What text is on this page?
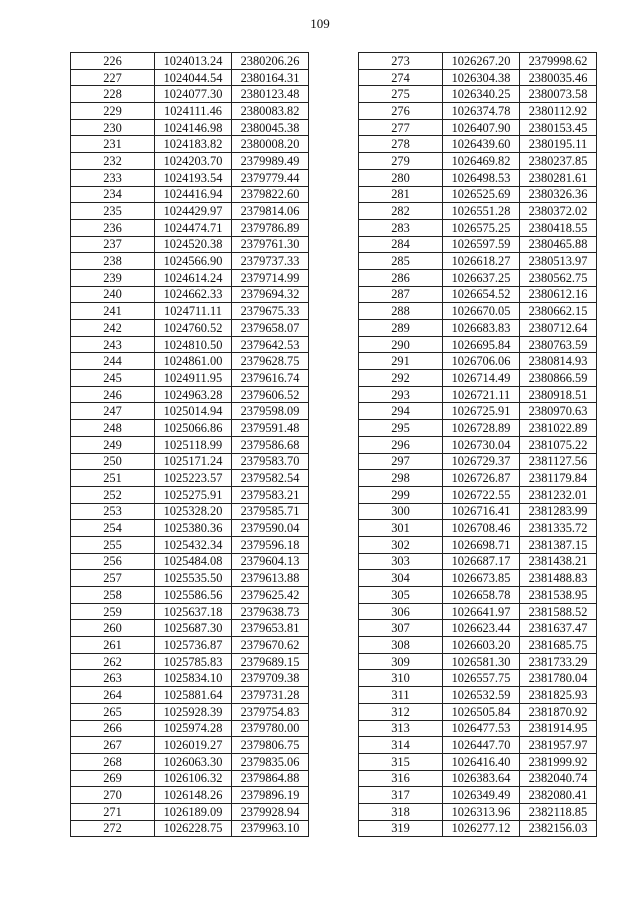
109
226	1024013.24	2380206.26
227	1024044.54	2380164.31
228	1024077.30	2380123.48
229	1024111.46	2380083.82
230	1024146.98	2380045.38
231	1024183.82	2380008.20
232	1024203.70	2379989.49
233	1024193.54	2379779.44
234	1024416.94	2379822.60
235	1024429.97	2379814.06
236	1024474.71	2379786.89
237	1024520.38	2379761.30
238	1024566.90	2379737.33
239	1024614.24	2379714.99
240	1024662.33	2379694.32
241	1024711.11	2379675.33
242	1024760.52	2379658.07
243	1024810.50	2379642.53
244	1024861.00	2379628.75
245	1024911.95	2379616.74
246	1024963.28	2379606.52
247	1025014.94	2379598.09
248	1025066.86	2379591.48
249	1025118.99	2379586.68
250	1025171.24	2379583.70
251	1025223.57	2379582.54
252	1025275.91	2379583.21
253	1025328.20	2379585.71
254	1025380.36	2379590.04
255	1025432.34	2379596.18
256	1025484.08	2379604.13
257	1025535.50	2379613.88
258	1025586.56	2379625.42
259	1025637.18	2379638.73
260	1025687.30	2379653.81
261	1025736.87	2379670.62
262	1025785.83	2379689.15
263	1025834.10	2379709.38
264	1025881.64	2379731.28
265	1025928.39	2379754.83
266	1025974.28	2379780.00
267	1026019.27	2379806.75
268	1026063.30	2379835.06
269	1026106.32	2379864.88
270	1026148.26	2379896.19
271	1026189.09	2379928.94
272	1026228.75	2379963.10
273	1026267.20	2379998.62
274	1026304.38	2380035.46
275	1026340.25	2380073.58
276	1026374.78	2380112.92
277	1026407.90	2380153.45
278	1026439.60	2380195.11
279	1026469.82	2380237.85
280	1026498.53	2380281.61
281	1026525.69	2380326.36
282	1026551.28	2380372.02
283	1026575.25	2380418.55
284	1026597.59	2380465.88
285	1026618.27	2380513.97
286	1026637.25	2380562.75
287	1026654.52	2380612.16
288	1026670.05	2380662.15
289	1026683.83	2380712.64
290	1026695.84	2380763.59
291	1026706.06	2380814.93
292	1026714.49	2380866.59
293	1026721.11	2380918.51
294	1026725.91	2380970.63
295	1026728.89	2381022.89
296	1026730.04	2381075.22
297	1026729.37	2381127.56
298	1026726.87	2381179.84
299	1026722.55	2381232.01
300	1026716.41	2381283.99
301	1026708.46	2381335.72
302	1026698.71	2381387.15
303	1026687.17	2381438.21
304	1026673.85	2381488.83
305	1026658.78	2381538.95
306	1026641.97	2381588.52
307	1026623.44	2381637.47
308	1026603.20	2381685.75
309	1026581.30	2381733.29
310	1026557.75	2381780.04
311	1026532.59	2381825.93
312	1026505.84	2381870.92
313	1026477.53	2381914.95
314	1026447.70	2381957.97
315	1026416.40	2381999.92
316	1026383.64	2382040.74
317	1026349.49	2382080.41
318	1026313.96	2382118.85
319	1026277.12	2382156.03
